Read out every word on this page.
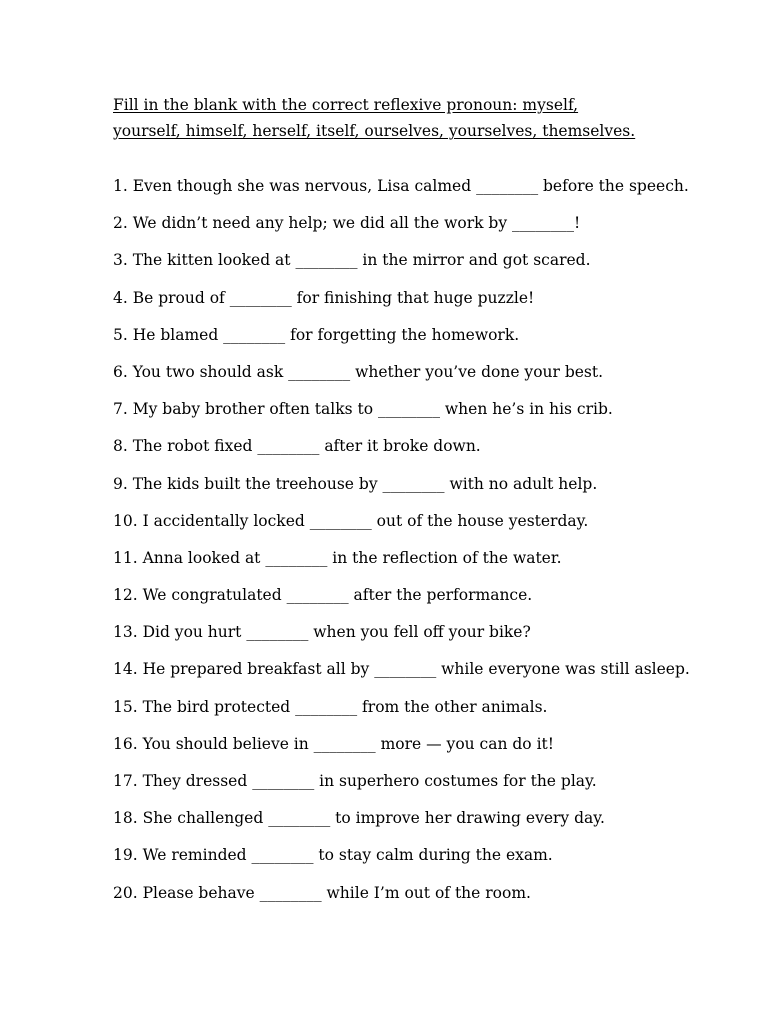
Fill in the blank with the correct reflexive pronoun: myself, yourself, himself, herself, itself, ourselves, yourselves, themselves.

1. Even though she was nervous, Lisa calmed ________ before the speech.
2. We didn’t need any help; we did all the work by ________!
3. The kitten looked at ________ in the mirror and got scared.
4. Be proud of ________ for finishing that huge puzzle!
5. He blamed ________ for forgetting the homework.
6. You two should ask ________ whether you’ve done your best.
7. My baby brother often talks to ________ when he’s in his crib.
8. The robot fixed ________ after it broke down.
9. The kids built the treehouse by ________ with no adult help.
10. I accidentally locked ________ out of the house yesterday.
11. Anna looked at ________ in the reflection of the water.
12. We congratulated ________ after the performance.
13. Did you hurt ________ when you fell off your bike?
14. He prepared breakfast all by ________ while everyone was still asleep.
15. The bird protected ________ from the other animals.
16. You should believe in ________ more — you can do it!
17. They dressed ________ in superhero costumes for the play.
18. She challenged ________ to improve her drawing every day.
19. We reminded ________ to stay calm during the exam.
20. Please behave ________ while I’m out of the room.
